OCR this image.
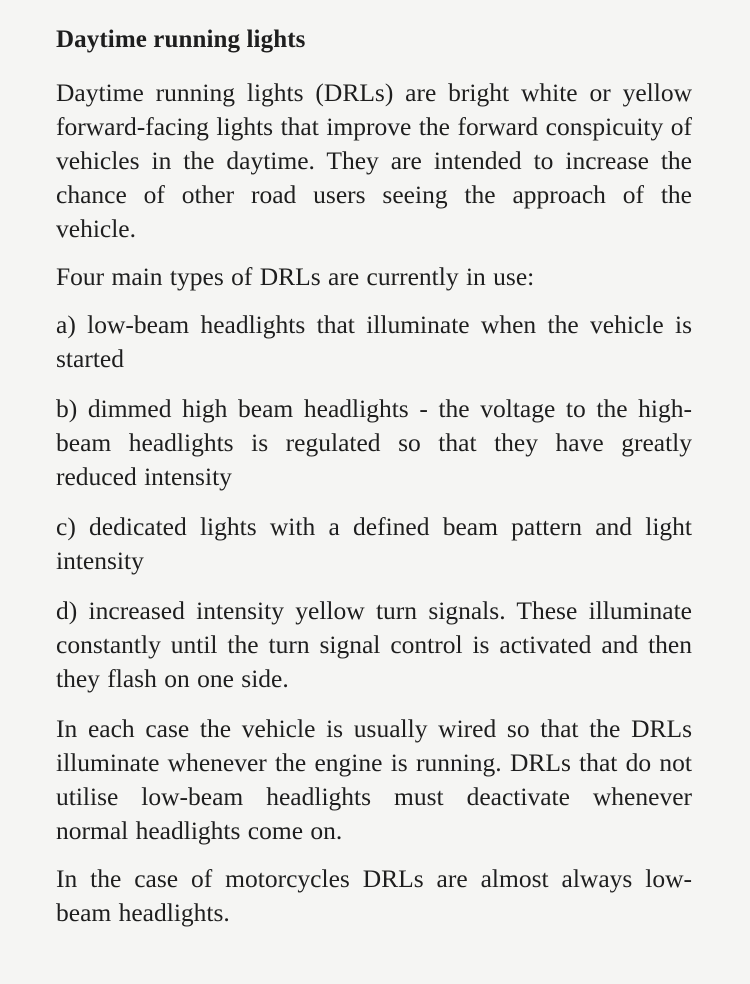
Daytime running lights

Daytime running lights (DRLs) are bright white or yellow forward-facing lights that improve the forward conspicuity of vehicles in the daytime. They are intended to increase the chance of other road users seeing the approach of the vehicle.

Four main types of DRLs are currently in use:

a) low-beam headlights that illuminate when the vehicle is started

b) dimmed high beam headlights - the voltage to the high-beam headlights is regulated so that they have greatly reduced intensity

c) dedicated lights with a defined beam pattern and light intensity

d) increased intensity yellow turn signals. These illuminate constantly until the turn signal control is activated and then they flash on one side.

In each case the vehicle is usually wired so that the DRLs illuminate whenever the engine is running. DRLs that do not utilise low-beam headlights must deactivate whenever normal headlights come on.

In the case of motorcycles DRLs are almost always low-beam headlights.
